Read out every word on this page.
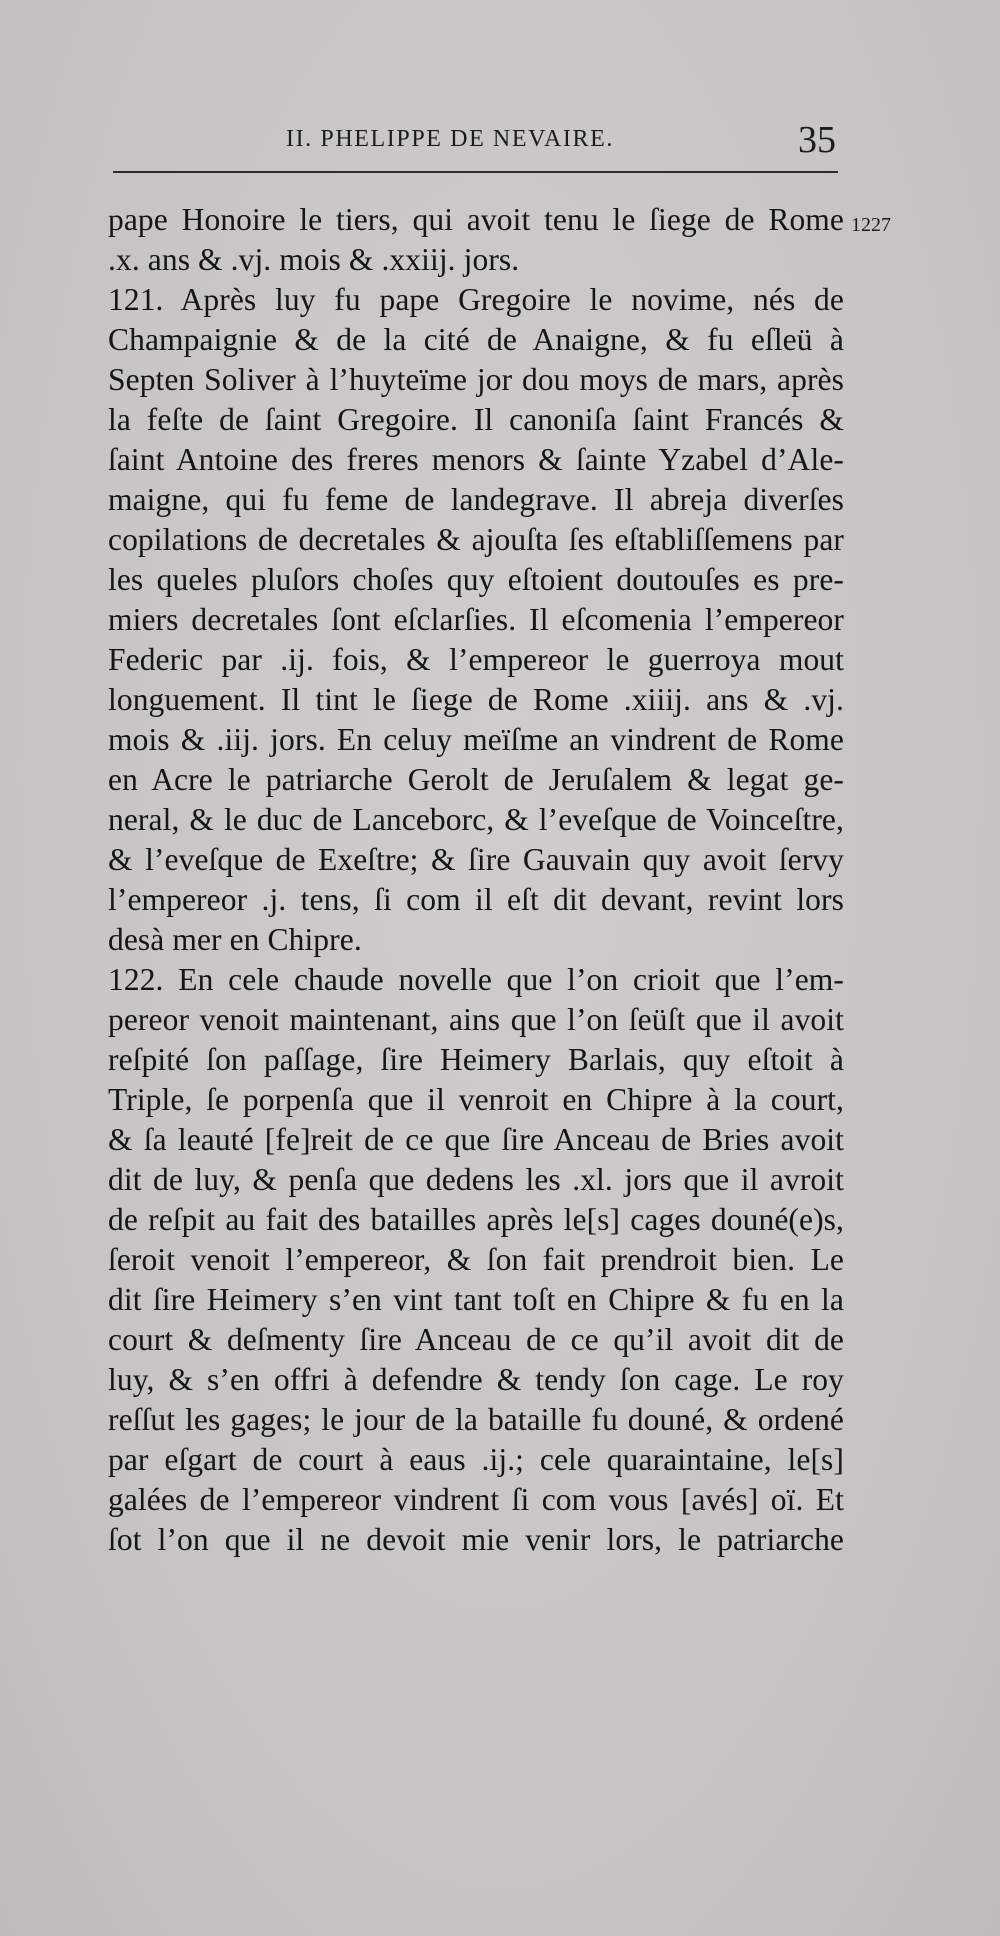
II. PHELIPPE DE NEVAIRE.	35
1227
pape Honoire le tiers, qui avoit tenu le ſiege de Rome
.x. ans & .vj. mois & .xxiij. jors.
121. Après luy fu pape Gregoire le novime, nés de
Champaignie & de la cité de Anaigne, & fu eſleü à
Septen Soliver à l’huyteïme jor dou moys de mars, après
la feſte de ſaint Gregoire. Il canoniſa ſaint Francés &
ſaint Antoine des freres menors & ſainte Yzabel d’Ale-
maigne, qui fu feme de landegrave. Il abreja diverſes
copilations de decretales & ajouſta ſes eſtabliſſemens par
les queles pluſors choſes quy eſtoient doutouſes es pre-
miers decretales ſont eſclarſies. Il eſcomenia l’empereor
Federic par .ij. fois, & l’empereor le guerroya mout
longuement. Il tint le ſiege de Rome .xiiij. ans & .vj.
mois & .iij. jors. En celuy meïſme an vindrent de Rome
en Acre le patriarche Gerolt de Jeruſalem & legat ge-
neral, & le duc de Lanceborc, & l’eveſque de Voinceſtre,
& l’eveſque de Exeſtre; & ſire Gauvain quy avoit ſervy
l’empereor .j. tens, ſi com il eſt dit devant, revint lors
desà mer en Chipre.
122. En cele chaude novelle que l’on crioit que l’em-
pereor venoit maintenant, ains que l’on ſeüſt que il avoit
reſpité ſon paſſage, ſire Heimery Barlais, quy eſtoit à
Triple, ſe porpenſa que il venroit en Chipre à la court,
& ſa leauté [fe]reit de ce que ſire Anceau de Bries avoit
dit de luy, & penſa que dedens les .xl. jors que il avroit
de reſpit au fait des batailles après le[s] cages douné(e)s,
ſeroit venoit l’empereor, & ſon fait prendroit bien. Le
dit ſire Heimery s’en vint tant toſt en Chipre & fu en la
court & deſmenty ſire Anceau de ce qu’il avoit dit de
luy, & s’en offri à defendre & tendy ſon cage. Le roy
reſſut les gages; le jour de la bataille fu douné, & ordené
par eſgart de court à eaus .ij.; cele quaraintaine, le[s]
galées de l’empereor vindrent ſi com vous [avés] oï. Et
ſot l’on que il ne devoit mie venir lors, le patriarche
